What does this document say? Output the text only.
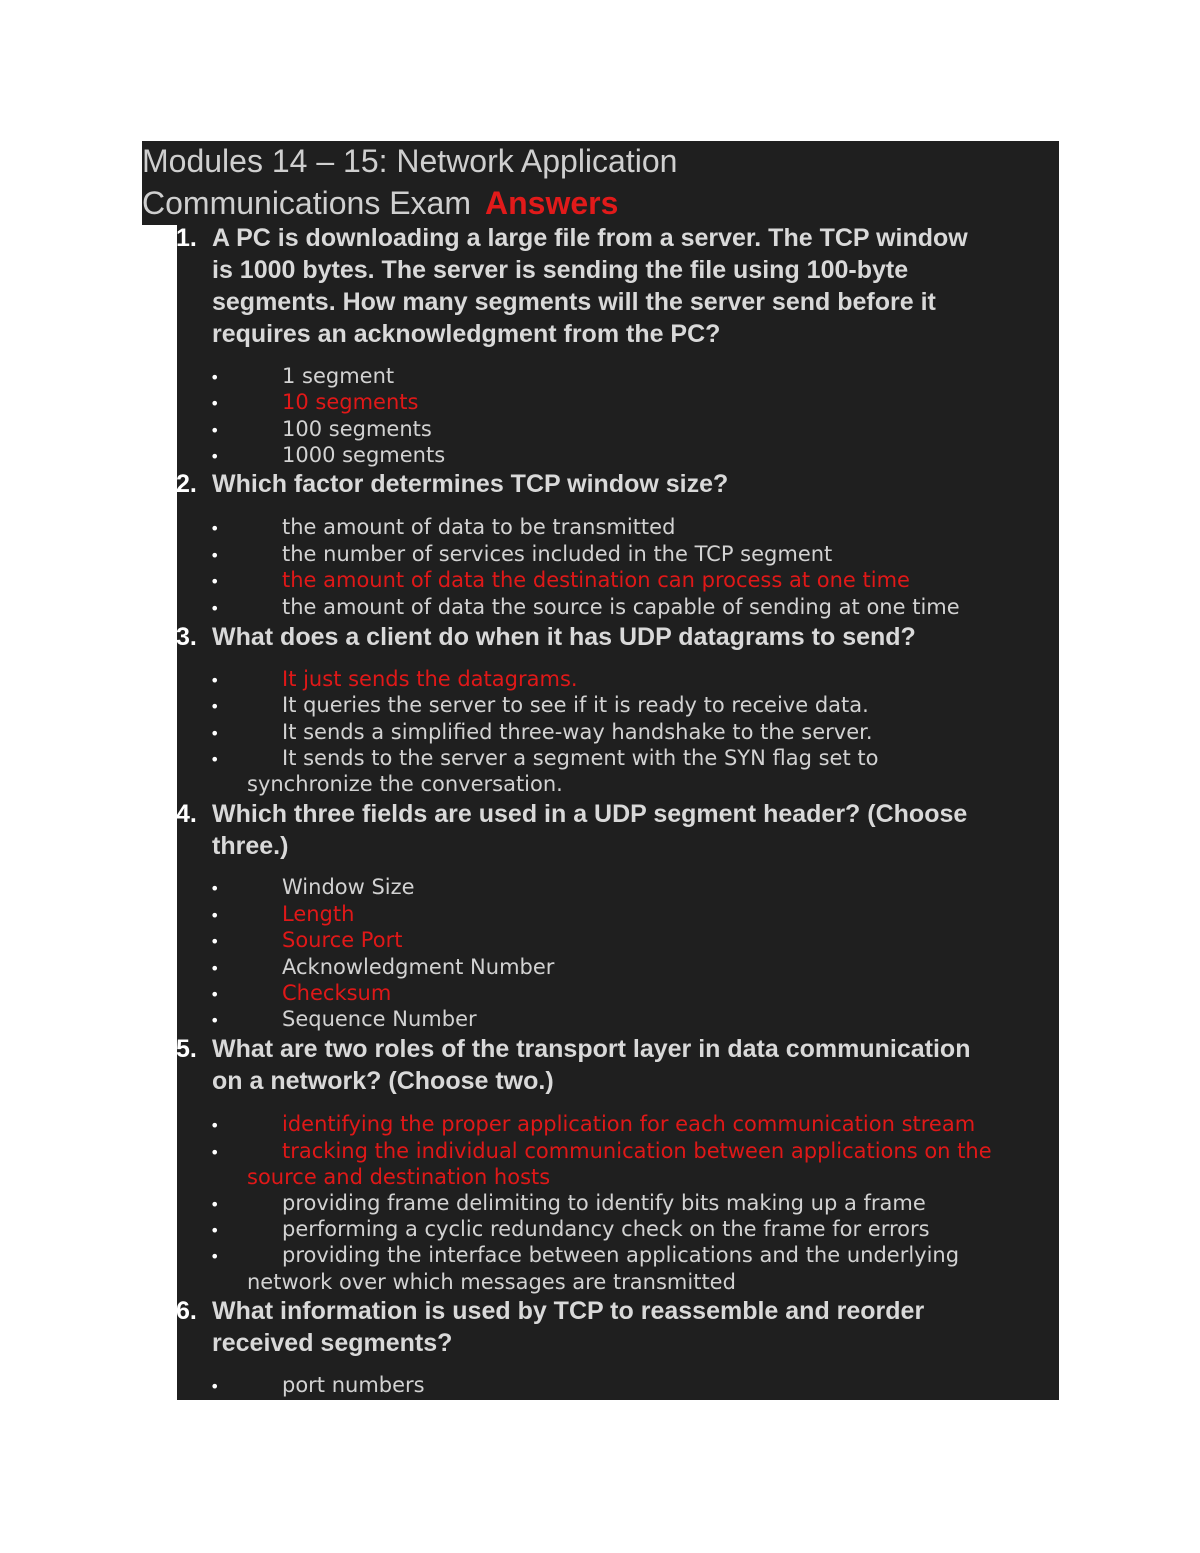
Modules 14 – 15: Network Application
Communications Exam Answers
1. A PC is downloading a large file from a server. The TCP window
is 1000 bytes. The server is sending the file using 100-byte
segments. How many segments will the server send before it
requires an acknowledgment from the PC?
•	1 segment
•	10 segments
•	100 segments
•	1000 segments
2. Which factor determines TCP window size?
•	the amount of data to be transmitted
•	the number of services included in the TCP segment
•	the amount of data the destination can process at one time
•	the amount of data the source is capable of sending at one time
3. What does a client do when it has UDP datagrams to send?
•	It just sends the datagrams.
•	It queries the server to see if it is ready to receive data.
•	It sends a simplified three-way handshake to the server.
•	It sends to the server a segment with the SYN flag set to
synchronize the conversation.
4. Which three fields are used in a UDP segment header? (Choose
three.)
•	Window Size
•	Length
•	Source Port
•	Acknowledgment Number
•	Checksum
•	Sequence Number
5. What are two roles of the transport layer in data communication
on a network? (Choose two.)
•	identifying the proper application for each communication stream
•	tracking the individual communication between applications on the
source and destination hosts
•	providing frame delimiting to identify bits making up a frame
•	performing a cyclic redundancy check on the frame for errors
•	providing the interface between applications and the underlying
network over which messages are transmitted
6. What information is used by TCP to reassemble and reorder
received segments?
•	port numbers
